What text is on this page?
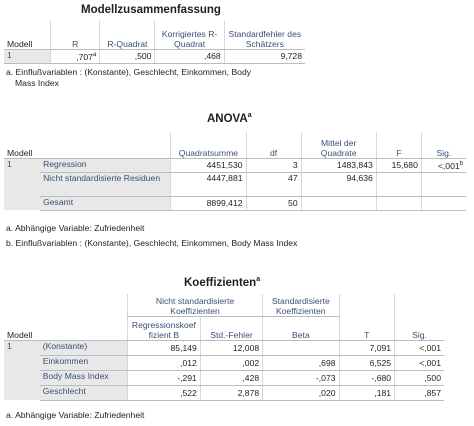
Modellzusammenfassung
Modell	R	R-Quadrat	Korrigiertes R-Quadrat	Standardfehler des Schätzers
1	,707$^a$	,500	,468	9,728
a. Einflußvariablen : (Konstante), Geschlecht, Einkommen, Body
Mass Index
ANOVA$^a$
Modell		Quadratsumme	df	Mittel der Quadrate	F	Sig.
1	Regression	4451,530	3	1483,843	15,680	<,001$^b$
	Nicht standardisierte Residuen	4447,881	47	94,636		
	Gesamt	8899,412	50			
a. Abhängige Variable: Zufriedenheit
b. Einflußvariablen : (Konstante), Geschlecht, Einkommen, Body Mass Index
Koeffizienten$^a$
		Nicht standardisierte Koeffizienten		Standardisierte Koeffizienten		
Modell		Regressionskoeffizient B	Std.-Fehler	Beta	T	Sig.
1	(Konstante)	85,149	12,008		7,091	<,001
	Einkommen	,012	,002	,698	6,525	<,001
	Body Mass Index	-,291	,428	-,073	-,680	,500
	Geschlecht	,522	2,878	,020	,181	,857
a. Abhängige Variable: Zufriedenheit
